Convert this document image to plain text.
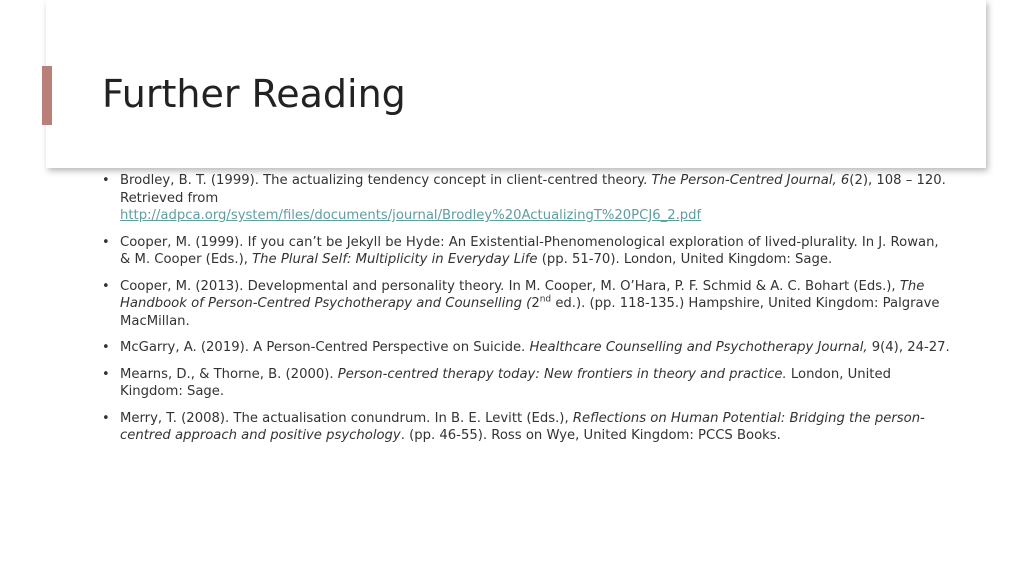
Further Reading
• Brodley, B. T. (1999). The actualizing tendency concept in client-centred theory. The Person-Centred Journal, 6(2), 108 – 120. Retrieved from
http://adpca.org/system/files/documents/journal/Brodley%20ActualizingT%20PCJ6_2.pdf
• Cooper, M. (1999). If you can’t be Jekyll be Hyde: An Existential-Phenomenological exploration of lived-plurality. In J. Rowan, & M. Cooper (Eds.), The Plural Self: Multiplicity in Everyday Life (pp. 51-70). London, United Kingdom: Sage.
• Cooper, M. (2013). Developmental and personality theory. In M. Cooper, M. O’Hara, P. F. Schmid & A. C. Bohart (Eds.), The Handbook of Person-Centred Psychotherapy and Counselling (2nd ed.). (pp. 118-135.) Hampshire, United Kingdom: Palgrave MacMillan.
• McGarry, A. (2019). A Person-Centred Perspective on Suicide. Healthcare Counselling and Psychotherapy Journal, 9(4), 24-27.
• Mearns, D., & Thorne, B. (2000). Person-centred therapy today: New frontiers in theory and practice. London, United Kingdom: Sage.
• Merry, T. (2008). The actualisation conundrum. In B. E. Levitt (Eds.), Reflections on Human Potential: Bridging the person-centred approach and positive psychology. (pp. 46-55). Ross on Wye, United Kingdom: PCCS Books.
